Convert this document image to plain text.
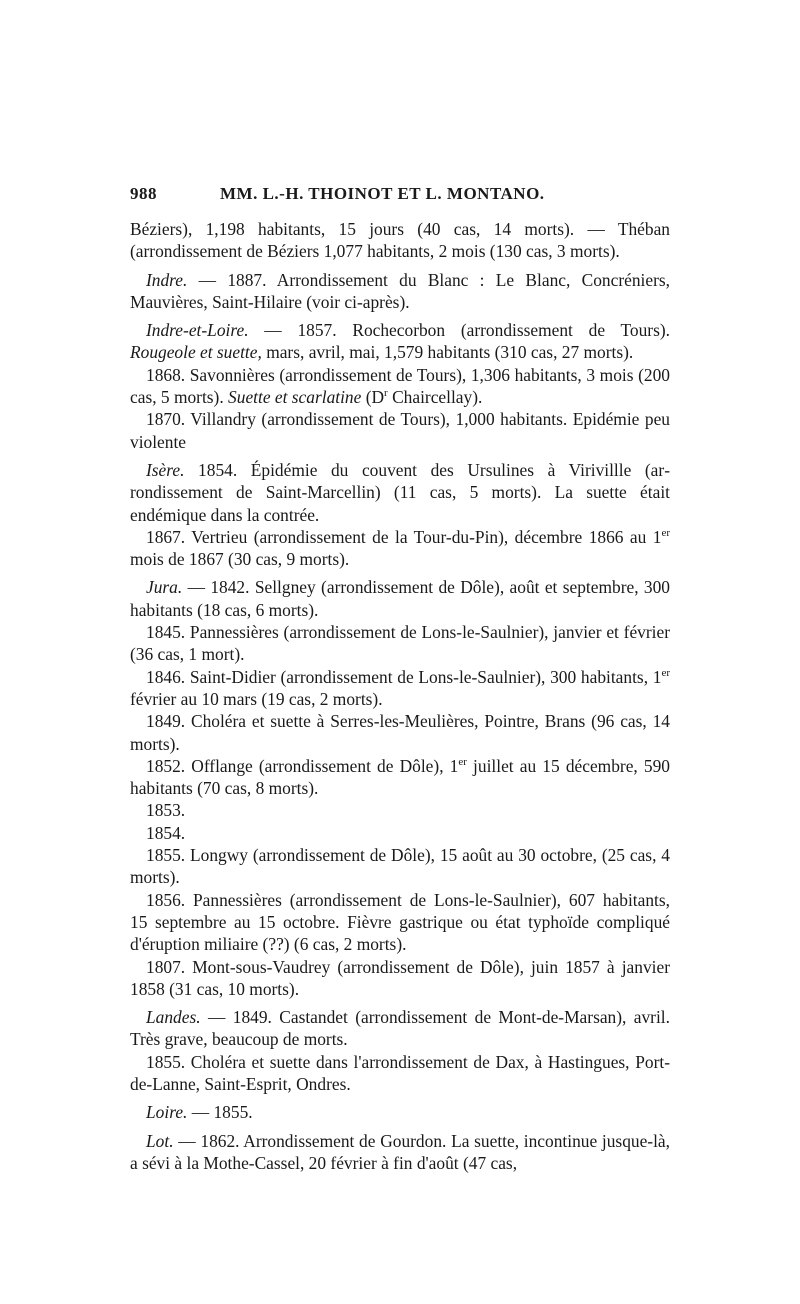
988	MM. L.-H. THOINOT ET L. MONTANO.

Béziers), 1,198 habitants, 15 jours (40 cas, 14 morts). — Théban (arrondissement de Béziers 1,077 habitants, 2 mois (130 cas, 3 morts).

Indre. — 1887. Arrondissement du Blanc : Le Blanc, Concréniers, Mauvières, Saint-Hilaire (voir ci-après).

Indre-et-Loire. — 1857. Rochecorbon (arrondissement de Tours). Rougeole et suette, mars, avril, mai, 1,579 habitants (310 cas, 27 morts).

1868. Savonnières (arrondissement de Tours), 1,306 habitants, 3 mois (200 cas, 5 morts). Suette et scarlatine ($D^r$ Chaircellay).

1870. Villandry (arrondissement de Tours), 1,000 habitants. Epidémie peu violente

Isère. 1854. Épidémie du couvent des Ursulines à Virivillle (arrondissement de Saint-Marcellin) (11 cas, 5 morts). La suette était endémique dans la contrée.

1867. Vertrieu (arrondissement de la Tour-du-Pin), décembre 1866 au 1er mois de 1867 (30 cas, 9 morts).

Jura. — 1842. Sellgney (arrondissement de Dôle), août et septembre, 300 habitants (18 cas, 6 morts).

1845. Pannessières (arrondissement de Lons-le-Saulnier), janvier et février (36 cas, 1 mort).

1846. Saint-Didier (arrondissement de Lons-le-Saulnier), 300 habitants, 1er février au 10 mars (19 cas, 2 morts).

1849. Choléra et suette à Serres-les-Meulières, Pointre, Brans (96 cas, 14 morts).

1852. Offlange (arrondissement de Dôle), 1er juillet au 15 décembre, 590 habitants (70 cas, 8 morts).

1853.

1854.

1855. Longwy (arrondissement de Dôle), 15 août au 30 octobre, (25 cas, 4 morts).

1856. Pannessières (arrondissement de Lons-le-Saulnier), 607 habitants, 15 septembre au 15 octobre. Fièvre gastrique ou état typhoïde compliqué d'éruption miliaire (??) (6 cas, 2 morts).

1807. Mont-sous-Vaudrey (arrondissement de Dôle), juin 1857 à janvier 1858 (31 cas, 10 morts).

Landes. — 1849. Castandet (arrondissement de Mont-de-Marsan), avril. Très grave, beaucoup de morts.

1855. Choléra et suette dans l'arrondissement de Dax, à Hastingues, Port-de-Lanne, Saint-Esprit, Ondres.

Loire. — 1855.

Lot. — 1862. Arrondissement de Gourdon. La suette, incontinue jusque-là, a sévi à la Mothe-Cassel, 20 février à fin d'août (47 cas,
